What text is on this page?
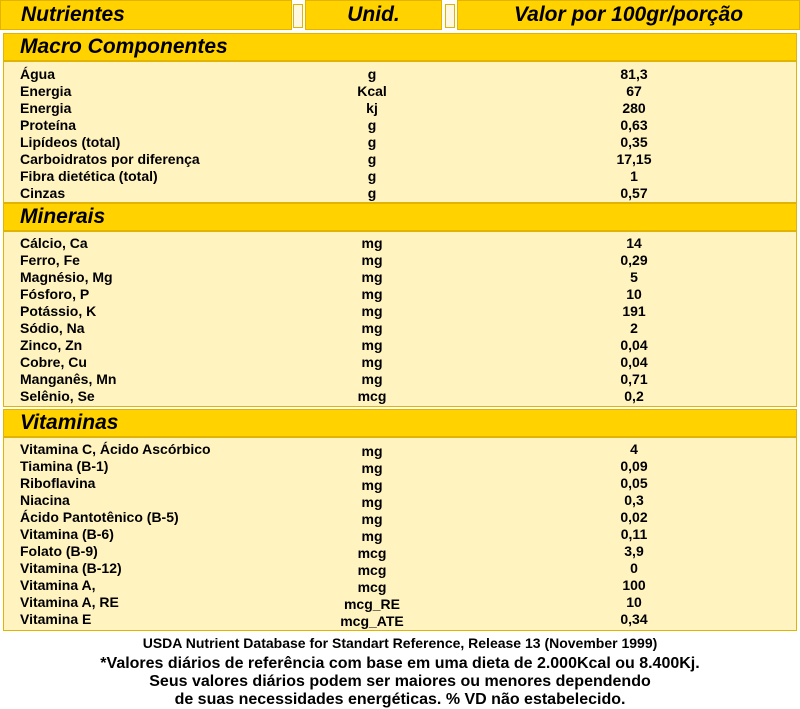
Nutrientes	Unid.	Valor por 100gr/porção
Macro Componentes
Água	g	81,3
Energia	Kcal	67
Energia	kj	280
Proteína	g	0,63
Lipídeos (total)	g	0,35
Carboidratos por diferença	g	17,15
Fibra dietética (total)	g	1
Cinzas	g	0,57
Minerais
Cálcio, Ca	mg	14
Ferro, Fe	mg	0,29
Magnésio, Mg	mg	5
Fósforo, P	mg	10
Potássio, K	mg	191
Sódio, Na	mg	2
Zinco, Zn	mg	0,04
Cobre, Cu	mg	0,04
Manganês, Mn	mg	0,71
Selênio, Se	mcg	0,2
Vitaminas
Vitamina C, Ácido Ascórbico	mg	4
Tiamina (B-1)	mg	0,09
Riboflavina	mg	0,05
Niacina	mg	0,3
Ácido Pantotênico (B-5)	mg	0,02
Vitamina (B-6)	mg	0,11
Folato (B-9)	mcg	3,9
Vitamina (B-12)	mcg	0
Vitamina A,	mcg	100
Vitamina A, RE	mcg_RE	10
Vitamina E	mcg_ATE	0,34
USDA Nutrient Database for Standart Reference, Release 13 (November 1999)
*Valores diários de referência com base em uma dieta de 2.000Kcal ou 8.400Kj.
Seus valores diários podem ser maiores ou menores dependendo
de suas necessidades energéticas. % VD não estabelecido.
